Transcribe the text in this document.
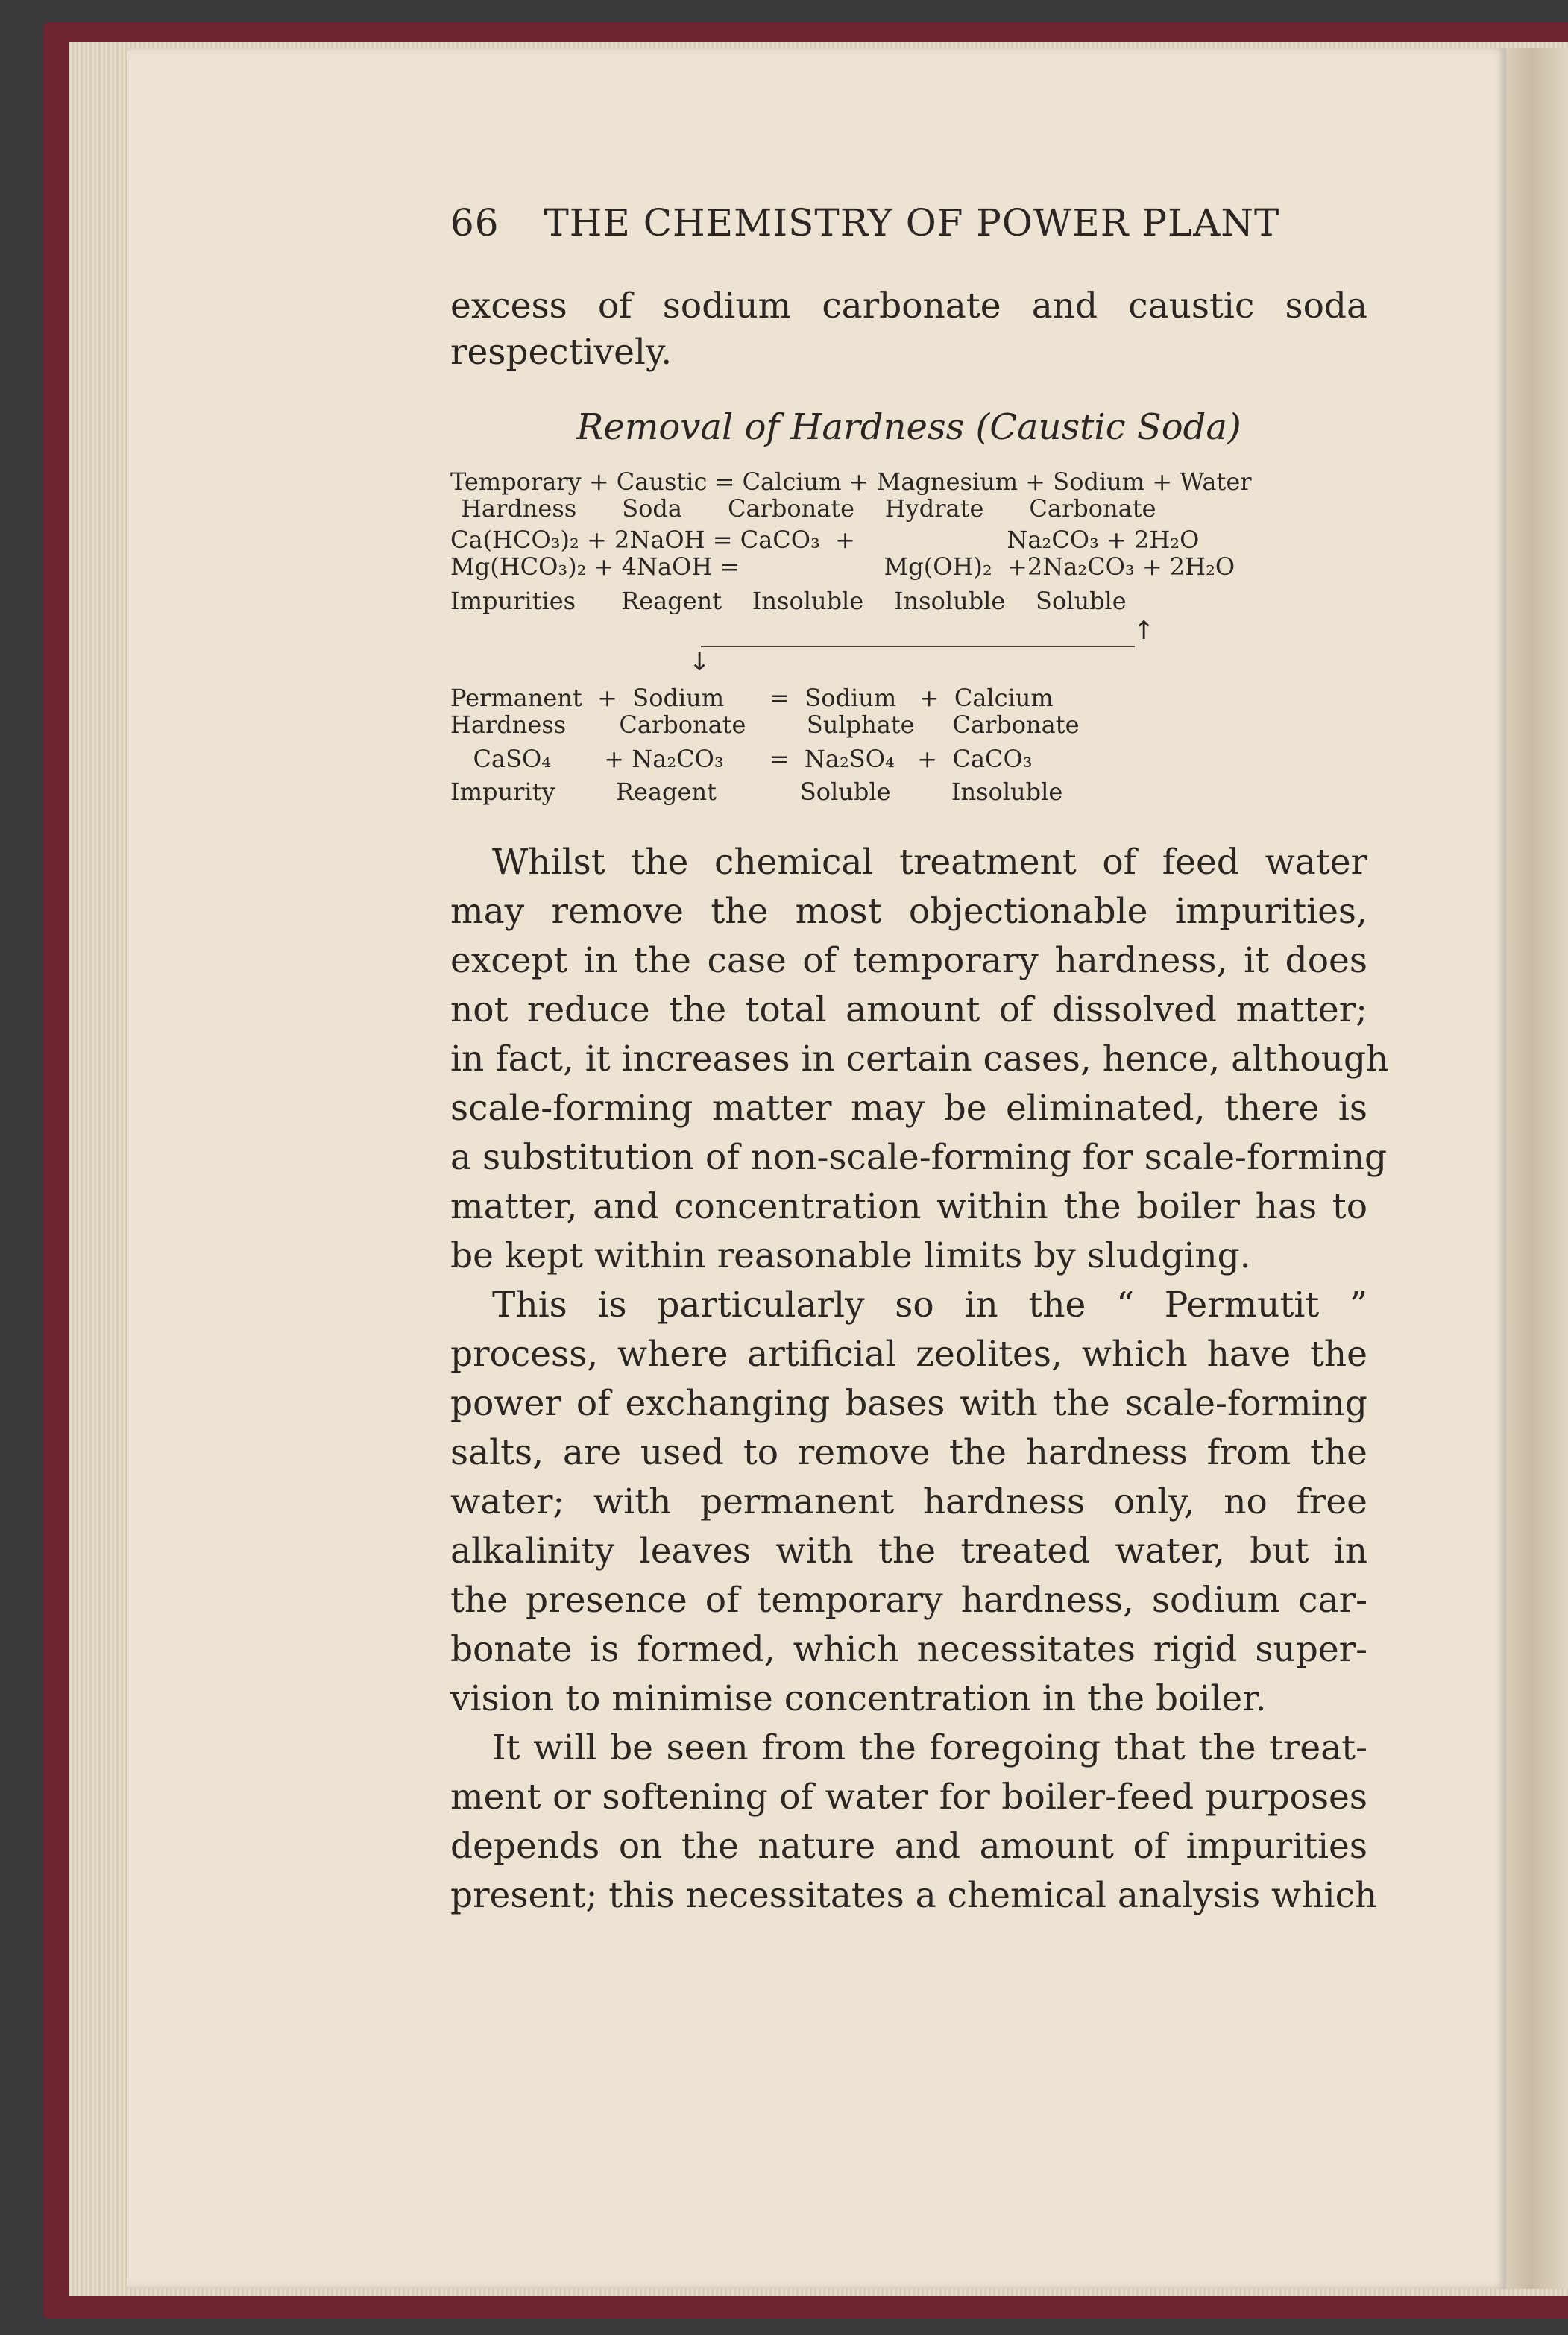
66 THE CHEMISTRY OF POWER PLANT
excess of sodium carbonate and caustic soda
respectively.
Removal of Hardness (Caustic Soda)
Temporary + Caustic = Calcium + Magnesium + Sodium + Water
Hardness      Soda      Carbonate    Hydrate      Carbonate
Ca(HCO₃)₂ + 2NaOH = CaCO₃  +                    Na₂CO₃ + 2H₂O
Mg(HCO₃)₂ + 4NaOH =                   Mg(OH)₂  +2Na₂CO₃ + 2H₂O
Impurities      Reagent    Insoluble    Insoluble    Soluble
↑
↓
Permanent  +  Sodium      =  Sodium   +  Calcium
Hardness       Carbonate        Sulphate     Carbonate
CaSO₄       + Na₂CO₃      =  Na₂SO₄   +  CaCO₃
Impurity        Reagent           Soluble        Insoluble
Whilst the chemical treatment of feed water
may remove the most objectionable impurities,
except in the case of temporary hardness, it does
not reduce the total amount of dissolved matter;
in fact, it increases in certain cases, hence, although
scale-forming matter may be eliminated, there is
a substitution of non-scale-forming for scale-forming
matter, and concentration within the boiler has to
be kept within reasonable limits by sludging.
This is particularly so in the “ Permutit ”
process, where artificial zeolites, which have the
power of exchanging bases with the scale-forming
salts, are used to remove the hardness from the
water; with permanent hardness only, no free
alkalinity leaves with the treated water, but in
the presence of temporary hardness, sodium car-
bonate is formed, which necessitates rigid super-
vision to minimise concentration in the boiler.
It will be seen from the foregoing that the treat-
ment or softening of water for boiler-feed purposes
depends on the nature and amount of impurities
present; this necessitates a chemical analysis which
